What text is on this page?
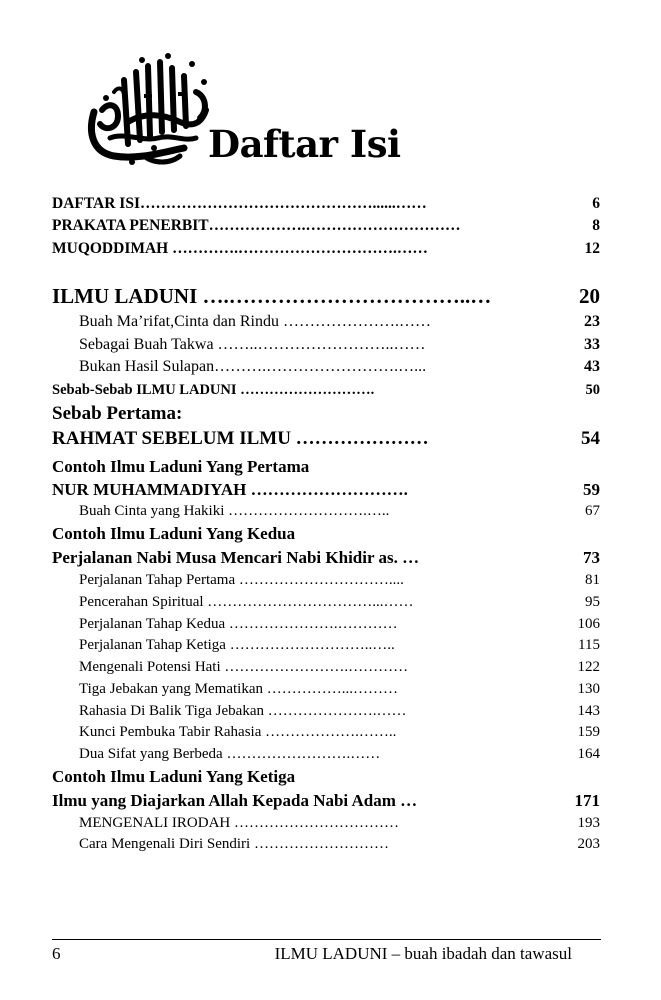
Daftar Isi
DAFTAR ISI………………………………………......……	6
PRAKATA PENERBIT……………….…………………………	8
MUQODDIMAH ………….………………………….……	12
ILMU LADUNI ….……………………………..…	20
Buah Ma’rifat,Cinta dan Rindu ………………….……	23
Sebagai Buah Takwa ……..……………………..……	33
Bukan Hasil Sulapan……….…………………….…...	43
Sebab-Sebab ILMU LADUNI ……………………….	50
Sebab Pertama:
RAHMAT SEBELUM ILMU …………………	54
Contoh Ilmu Laduni Yang Pertama
NUR MUHAMMADIYAH ……………………….	59
Buah Cinta yang Hakiki ……………………….…..	67
Contoh Ilmu Laduni Yang Kedua
Perjalanan Nabi Musa Mencari Nabi Khidir as. …	73
Perjalanan Tahap Pertama …………………………....	81
Pencerahan Spiritual ……………………………...……	95
Perjalanan Tahap Kedua ………………….…………	106
Perjalanan Tahap Ketiga ………………………..…..	115
Mengenali Potensi Hati …………………….…………	122
Tiga Jebakan yang Mematikan ……………...………	130
Rahasia Di Balik Tiga Jebakan ………………….……	143
Kunci Pembuka Tabir Rahasia ……………….……..	159
Dua Sifat yang Berbeda …………………….……	164
Contoh Ilmu Laduni Yang Ketiga
Ilmu yang Diajarkan Allah Kepada Nabi Adam …	171
MENGENALI IRODAH ……………………………	193
Cara Mengenali Diri Sendiri ………………………	203
6	ILMU LADUNI – buah ibadah dan tawasul
